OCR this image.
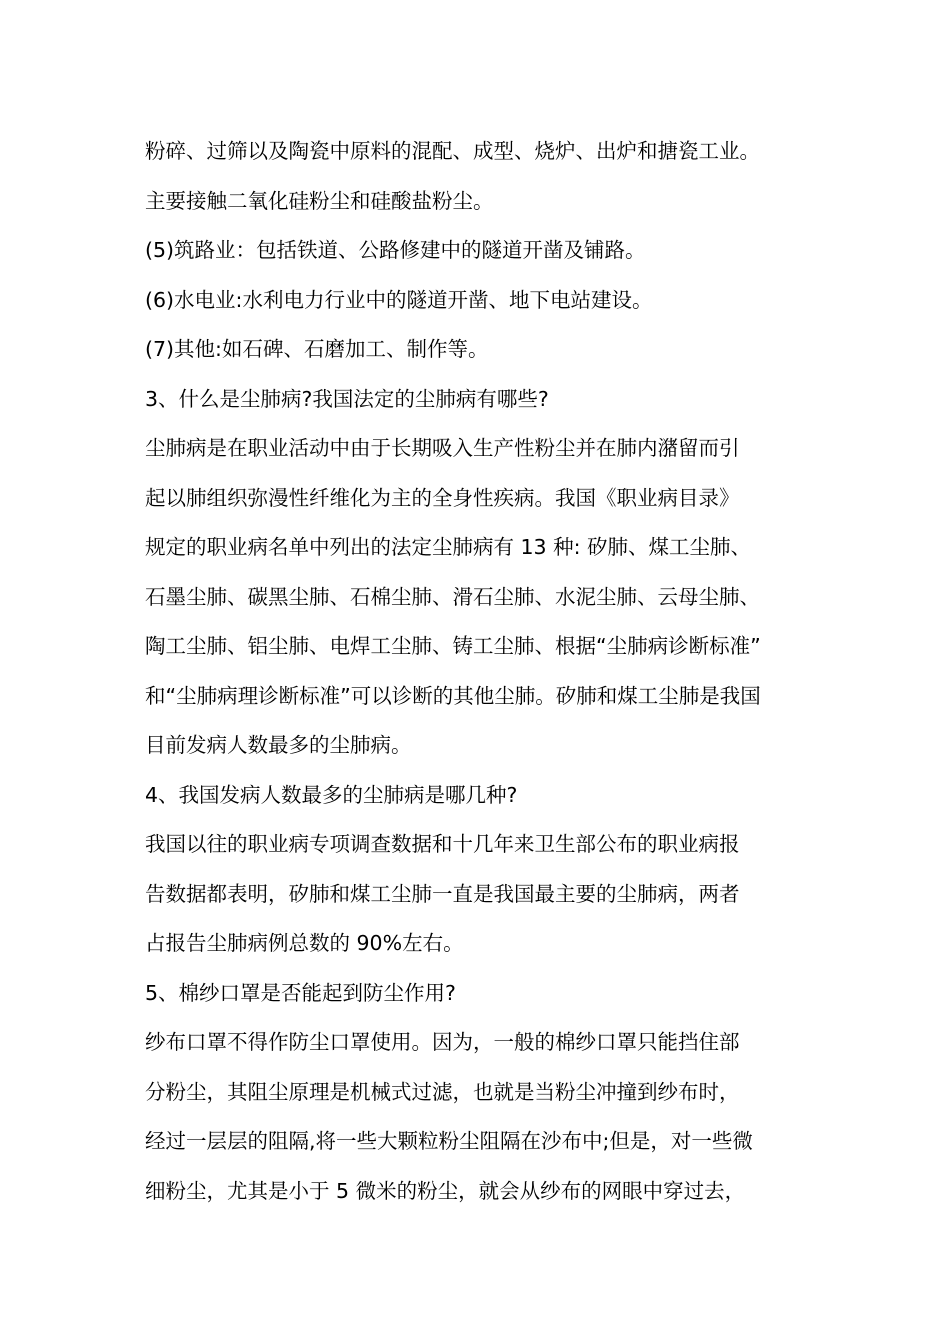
粉碎、过筛以及陶瓷中原料的混配、成型、烧炉、出炉和搪瓷工业。
主要接触二氧化硅粉尘和硅酸盐粉尘。
(5)筑路业：包括铁道、公路修建中的隧道开凿及铺路。
(6)水电业:水利电力行业中的隧道开凿、地下电站建设。
(7)其他:如石碑、石磨加工、制作等。
3、什么是尘肺病?我国法定的尘肺病有哪些?
尘肺病是在职业活动中由于长期吸入生产性粉尘并在肺内潴留而引
起以肺组织弥漫性纤维化为主的全身性疾病。我国《职业病目录》
规定的职业病名单中列出的法定尘肺病有 13 种: 矽肺、煤工尘肺、
石墨尘肺、碳黑尘肺、石棉尘肺、滑石尘肺、水泥尘肺、云母尘肺、
陶工尘肺、铝尘肺、电焊工尘肺、铸工尘肺、根据“尘肺病诊断标准”
和“尘肺病理诊断标准”可以诊断的其他尘肺。矽肺和煤工尘肺是我国
目前发病人数最多的尘肺病。
4、我国发病人数最多的尘肺病是哪几种?
我国以往的职业病专项调查数据和十几年来卫生部公布的职业病报
告数据都表明，矽肺和煤工尘肺一直是我国最主要的尘肺病，两者
占报告尘肺病例总数的 90%左右。
5、棉纱口罩是否能起到防尘作用?
纱布口罩不得作防尘口罩使用。因为，一般的棉纱口罩只能挡住部
分粉尘，其阻尘原理是机械式过滤，也就是当粉尘冲撞到纱布时，
经过一层层的阻隔,将一些大颗粒粉尘阻隔在沙布中;但是，对一些微
细粉尘，尤其是小于 5 微米的粉尘，就会从纱布的网眼中穿过去，
